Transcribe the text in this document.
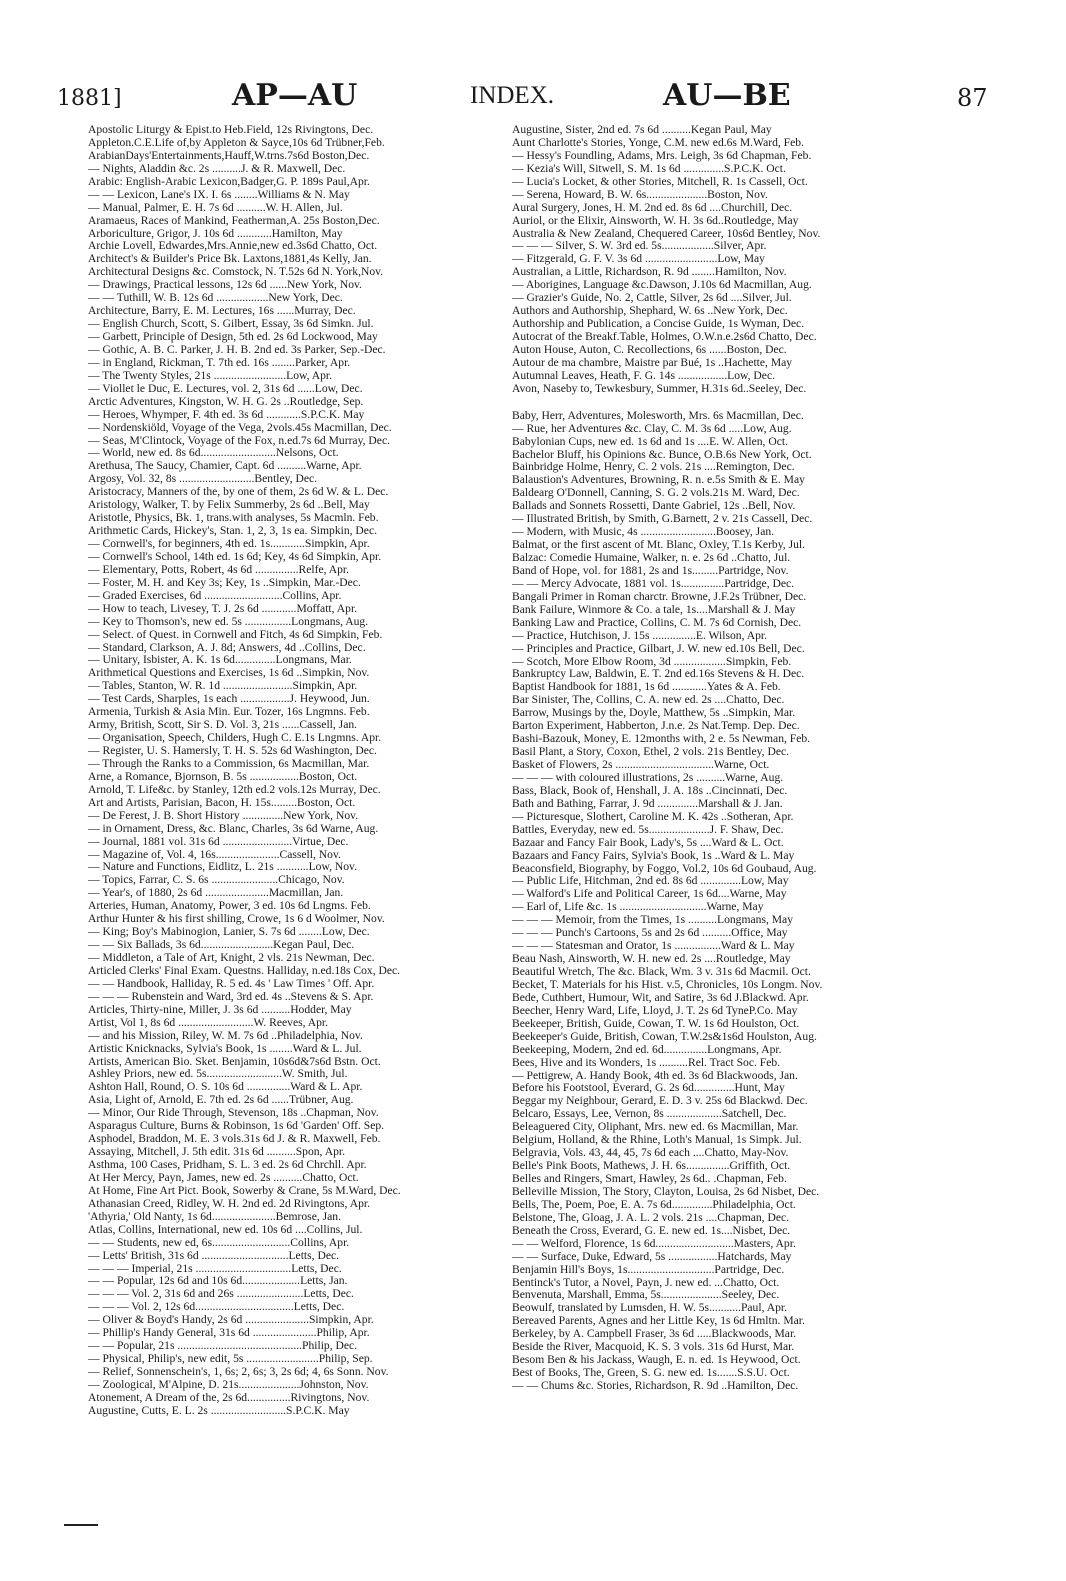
1881]	AP—AU	INDEX.	AU—BE	87
Apostolic Liturgy & Epist.to Heb.Field, 12s Rivingtons, Dec.
Appleton.C.E.Life of,by Appleton & Sayce,10s 6d Trübner,Feb.
ArabianDays'Entertainments,Hauff,W.trns.7s6d Boston,Dec.
— Nights, Aladdin &c. 2s ..........J. & R. Maxwell, Dec.
Arabic: English-Arabic Lexicon,Badger,G. P. 189s Paul,Apr.
— — Lexicon, Lane's IX. I. 6s ........Williams & N. May
— Manual, Palmer, E. H. 7s 6d ..........W. H. Allen, Jul.
Aramaeus, Races of Mankind, Featherman,A. 25s Boston,Dec.
Arboriculture, Grigor, J. 10s 6d ............Hamilton, May
Archie Lovell, Edwardes,Mrs.Annie,new ed.3s6d Chatto, Oct.
Architect's & Builder's Price Bk. Laxtons,1881,4s Kelly, Jan.
Architectural Designs &c. Comstock, N. T.52s 6d N. York,Nov.
— Drawings, Practical lessons, 12s 6d ......New York, Nov.
— — Tuthill, W. B. 12s 6d ..................New York, Dec.
Architecture, Barry, E. M. Lectures, 16s ......Murray, Dec.
— English Church, Scott, S. Gilbert, Essay, 3s 6d Simkn. Jul.
— Garbett, Principle of Design, 5th ed. 2s 6d Lockwood, May
— Gothic, A. B. C. Parker, J. H. B. 2nd ed. 3s Parker, Sep.-Dec.
— in England, Rickman, T. 7th ed. 16s ........Parker, Apr.
— The Twenty Styles, 21s .........................Low, Apr.
— Viollet le Duc, E. Lectures, vol. 2, 31s 6d ......Low, Dec.
Arctic Adventures, Kingston, W. H. G. 2s ..Routledge, Sep.
— Heroes, Whymper, F. 4th ed. 3s 6d ............S.P.C.K. May
— Nordenskiöld, Voyage of the Vega, 2vols.45s Macmillan, Dec.
— Seas, M'Clintock, Voyage of the Fox, n.ed.7s 6d Murray, Dec.
— World, new ed. 8s 6d..........................Nelsons, Oct.
Arethusa, The Saucy, Chamier, Capt. 6d ..........Warne, Apr.
Argosy, Vol. 32, 8s ..........................Bentley, Dec.
Aristocracy, Manners of the, by one of them, 2s 6d W. & L. Dec.
Aristology, Walker, T. by Felix Summerby, 2s 6d ..Bell, May
Aristotle, Physics, Bk. 1, trans.with analyses, 5s Macmln. Feb.
Arithmetic Cards, Hickey's, Stan. 1, 2, 3, 1s ea. Simpkin, Dec.
— Cornwell's, for beginners, 4th ed. 1s............Simpkin, Apr.
— Cornwell's School, 14th ed. 1s 6d; Key, 4s 6d Simpkin, Apr.
— Elementary, Potts, Robert, 4s 6d ...............Relfe, Apr.
— Foster, M. H. and Key 3s; Key, 1s ..Simpkin, Mar.-Dec.
— Graded Exercises, 6d ...........................Collins, Apr.
— How to teach, Livesey, T. J. 2s 6d ............Moffatt, Apr.
— Key to Thomson's, new ed. 5s ................Longmans, Aug.
— Select. of Quest. in Cornwell and Fitch, 4s 6d Simpkin, Feb.
— Standard, Clarkson, A. J. 8d; Answers, 4d ..Collins, Dec.
— Unitary, Isbister, A. K. 1s 6d..............Longmans, Mar.
Arithmetical Questions and Exercises, 1s 6d ..Simpkin, Nov.
— Tables, Stanton, W. R. 1d ........................Simpkin, Apr.
— Test Cards, Sharples, 1s each .................J. Heywood, Jun.
Armenia, Turkish & Asia Min. Eur. Tozer, 16s Lngmns. Feb.
Army, British, Scott, Sir S. D. Vol. 3, 21s ......Cassell, Jan.
— Organisation, Speech, Childers, Hugh C. E.1s Lngmns. Apr.
— Register, U. S. Hamersly, T. H. S. 52s 6d Washington, Dec.
— Through the Ranks to a Commission, 6s Macmillan, Mar.
Arne, a Romance, Bjornson, B. 5s .................Boston, Oct.
Arnold, T. Life&c. by Stanley, 12th ed.2 vols.12s Murray, Dec.
Art and Artists, Parisian, Bacon, H. 15s.........Boston, Oct.
— De Ferest, J. B. Short History ..............New York, Nov.
— in Ornament, Dress, &c. Blanc, Charles, 3s 6d Warne, Aug.
— Journal, 1881 vol. 31s 6d ........................Virtue, Dec.
— Magazine of, Vol. 4, 16s......................Cassell, Nov.
— Nature and Functions, Eidlitz, L. 21s ...........Low, Nov.
— Topics, Farrar, C. S. 6s .......................Chicago, Nov.
— Year's, of 1880, 2s 6d ......................Macmillan, Jan.
Arteries, Human, Anatomy, Power, 3 ed. 10s 6d Lngms. Feb.
Arthur Hunter & his first shilling, Crowe, 1s 6 d Woolmer, Nov.
— King; Boy's Mabinogion, Lanier, S. 7s 6d ........Low, Dec.
— — Six Ballads, 3s 6d.........................Kegan Paul, Dec.
— Middleton, a Tale of Art, Knight, 2 vls. 21s Newman, Dec.
Articled Clerks' Final Exam. Questns. Halliday, n.ed.18s Cox, Dec.
— — Handbook, Halliday, R. 5 ed. 4s ' Law Times ' Off. Apr.
— — — Rubenstein and Ward, 3rd ed. 4s ..Stevens & S. Apr.
Articles, Thirty-nine, Miller, J. 3s 6d ..........Hodder, May
Artist, Vol 1, 8s 6d ..........................W. Reeves, Apr.
— and his Mission, Riley, W. M. 7s 6d ..Philadelphia, Nov.
Artistic Knicknacks, Sylvia's Book, 1s ........Ward & L. Jul.
Artists, American Bio. Sket. Benjamin, 10s6d&7s6d Bstn. Oct.
Ashley Priors, new ed. 5s..........................W. Smith, Jul.
Ashton Hall, Round, O. S. 10s 6d ...............Ward & L. Apr.
Asia, Light of, Arnold, E. 7th ed. 2s 6d ......Trübner, Aug.
— Minor, Our Ride Through, Stevenson, 18s ..Chapman, Nov.
Asparagus Culture, Burns & Robinson, 1s 6d 'Garden' Off. Sep.
Asphodel, Braddon, M. E. 3 vols.31s 6d J. & R. Maxwell, Feb.
Assaying, Mitchell, J. 5th edit. 31s 6d ..........Spon, Apr.
Asthma, 100 Cases, Pridham, S. L. 3 ed. 2s 6d Chrchll. Apr.
At Her Mercy, Payn, James, new ed. 2s ..........Chatto, Oct.
At Home, Fine Art Pict. Book, Sowerby & Crane, 5s M.Ward, Dec.
Athanasian Creed, Ridley, W. H. 2nd ed. 2d Rivingtons, Apr.
'Athyria,' Old Nanty, 1s 6d......................Bemrose, Jan.
Atlas, Collins, International, new ed. 10s 6d ....Collins, Jul.
— — Students, new ed, 6s...........................Collins, Apr.
— Letts' British, 31s 6d ..............................Letts, Dec.
— — — Imperial, 21s .................................Letts, Dec.
— — Popular, 12s 6d and 10s 6d....................Letts, Jan.
— — — Vol. 2, 31s 6d and 26s .......................Letts, Dec.
— — — Vol. 2, 12s 6d..................................Letts, Dec.
— Oliver & Boyd's Handy, 2s 6d ......................Simpkin, Apr.
— Phillip's Handy General, 31s 6d ......................Philip, Apr.
— — Popular, 21s ...........................................Philip, Dec.
— Physical, Philip's, new edit, 5s .........................Philip, Sep.
— Relief, Sonnenschein's, 1, 6s; 2, 6s; 3, 2s 6d; 4, 6s Sonn. Nov.
— Zoological, M'Alpine, D. 21s.....................Johnston, Nov.
Atonement, A Dream of the, 2s 6d...............Rivingtons, Nov.
Augustine, Cutts, E. L. 2s ..........................S.P.C.K. May
Augustine, Sister, 2nd ed. 7s 6d ..........Kegan Paul, May
Aunt Charlotte's Stories, Yonge, C.M. new ed.6s M.Ward, Feb.
— Hessy's Foundling, Adams, Mrs. Leigh, 3s 6d Chapman, Feb.
— Kezia's Will, Sitwell, S. M. 1s 6d ..............S.P.C.K. Oct.
— Lucia's Locket, & other Stories, Mitchell, R. 1s Cassell, Oct.
— Serena, Howard, B. W. 6s.....................Boston, Nov.
Aural Surgery, Jones, H. M. 2nd ed. 8s 6d ....Churchill, Dec.
Auriol, or the Elixir, Ainsworth, W. H. 3s 6d..Routledge, May
Australia & New Zealand, Chequered Career, 10s6d Bentley, Nov.
— — — Silver, S. W. 3rd ed. 5s..................Silver, Apr.
— Fitzgerald, G. F. V. 3s 6d .........................Low, May
Australian, a Little, Richardson, R. 9d ........Hamilton, Nov.
— Aborigines, Language &c.Dawson, J.10s 6d Macmillan, Aug.
— Grazier's Guide, No. 2, Cattle, Silver, 2s 6d ....Silver, Jul.
Authors and Authorship, Shephard, W. 6s ..New York, Dec.
Authorship and Publication, a Concise Guide, 1s Wyman, Dec.
Autocrat of the Breakf.Table, Holmes, O.W.n.e.2s6d Chatto, Dec.
Auton House, Auton, C. Recollections, 6s ......Boston, Dec.
Autour de ma chambre, Maistre par Bué, 1s ..Hachette, May
Autumnal Leaves, Heath, F. G. 14s .................Low, Dec.
Avon, Naseby to, Tewkesbury, Summer, H.31s 6d..Seeley, Dec.
Baby, Herr, Adventures, Molesworth, Mrs. 6s Macmillan, Dec.
— Rue, her Adventures &c. Clay, C. M. 3s 6d .....Low, Aug.
Babylonian Cups, new ed. 1s 6d and 1s ....E. W. Allen, Oct.
Bachelor Bluff, his Opinions &c. Bunce, O.B.6s New York, Oct.
Bainbridge Holme, Henry, C. 2 vols. 21s ....Remington, Dec.
Balaustion's Adventures, Browning, R. n. e.5s Smith & E. May
Baldearg O'Donnell, Canning, S. G. 2 vols.21s M. Ward, Dec.
Ballads and Sonnets Rossetti, Dante Gabriel, 12s ..Bell, Nov.
— Illustrated British, by Smith, G.Barnett, 2 v. 21s Cassell, Dec.
— Modern, with Music, 4s ..........................Boosey, Jan.
Balmat, or the first ascent of Mt. Blanc, Oxley, T.1s Kerby, Jul.
Balzac: Comedie Humaine, Walker, n. e. 2s 6d ..Chatto, Jul.
Band of Hope, vol. for 1881, 2s and 1s.........Partridge, Nov.
— — Mercy Advocate, 1881 vol. 1s...............Partridge, Dec.
Bangali Primer in Roman charctr. Browne, J.F.2s Trübner, Dec.
Bank Failure, Winmore & Co. a tale, 1s....Marshall & J. May
Banking Law and Practice, Collins, C. M. 7s 6d Cornish, Dec.
— Practice, Hutchison, J. 15s ...............E. Wilson, Apr.
— Principles and Practice, Gilbart, J. W. new ed.10s Bell, Dec.
— Scotch, More Elbow Room, 3d ..................Simpkin, Feb.
Bankruptcy Law, Baldwin, E. T. 2nd ed.16s Stevens & H. Dec.
Baptist Handbook for 1881, 1s 6d ............Yates & A. Feb.
Bar Sinister, The, Collins, C. A. new ed. 2s ....Chatto, Dec.
Barrow, Musings by the, Doyle, Matthew, 5s ..Simpkin, Mar.
Barton Experiment, Habberton, J.n.e. 2s Nat.Temp. Dep. Dec.
Bashi-Bazouk, Money, E. 12months with, 2 e. 5s Newman, Feb.
Basil Plant, a Story, Coxon, Ethel, 2 vols. 21s Bentley, Dec.
Basket of Flowers, 2s ..................................Warne, Oct.
— — — with coloured illustrations, 2s ..........Warne, Aug.
Bass, Black, Book of, Henshall, J. A. 18s ..Cincinnati, Dec.
Bath and Bathing, Farrar, J. 9d ..............Marshall & J. Jan.
— Picturesque, Slothert, Caroline M. K. 42s ..Sotheran, Apr.
Battles, Everyday, new ed. 5s.....................J. F. Shaw, Dec.
Bazaar and Fancy Fair Book, Lady's, 5s ....Ward & L. Oct.
Bazaars and Fancy Fairs, Sylvia's Book, 1s ..Ward & L. May
Beaconsfield, Biography, by Foggo, Vol.2, 10s 6d Goubaud, Aug.
— Public Life, Hitchman, 2nd ed. 8s 6d ..............Low, May
— Walford's Life and Political Career, 1s 6d....Warne, May
— Earl of, Life &c. 1s ..............................Warne, May
— — — Memoir, from the Times, 1s ..........Longmans, May
— — — Punch's Cartoons, 5s and 2s 6d ..........Office, May
— — — Statesman and Orator, 1s ................Ward & L. May
Beau Nash, Ainsworth, W. H. new ed. 2s ....Routledge, May
Beautiful Wretch, The &c. Black, Wm. 3 v. 31s 6d Macmil. Oct.
Becket, T. Materials for his Hist. v.5, Chronicles, 10s Longm. Nov.
Bede, Cuthbert, Humour, Wit, and Satire, 3s 6d J.Blackwd. Apr.
Beecher, Henry Ward, Life, Lloyd, J. T. 2s 6d TyneP.Co. May
Beekeeper, British, Guide, Cowan, T. W. 1s 6d Houlston, Oct.
Beekeeper's Guide, British, Cowan, T.W.2s&1s6d Houlston, Aug.
Beekeeping, Modern, 2nd ed. 6d...............Longmans, Apr.
Bees, Hive and its Wonders, 1s ..........Rel. Tract Soc. Feb.
— Pettigrew, A. Handy Book, 4th ed. 3s 6d Blackwoods, Jan.
Before his Footstool, Everard, G. 2s 6d..............Hunt, May
Beggar my Neighbour, Gerard, E. D. 3 v. 25s 6d Blackwd. Dec.
Belcaro, Essays, Lee, Vernon, 8s ...................Satchell, Dec.
Beleaguered City, Oliphant, Mrs. new ed. 6s Macmillan, Mar.
Belgium, Holland, & the Rhine, Loth's Manual, 1s Simpk. Jul.
Belgravia, Vols. 43, 44, 45, 7s 6d each ....Chatto, May-Nov.
Belle's Pink Boots, Mathews, J. H. 6s...............Griffith, Oct.
Belles and Ringers, Smart, Hawley, 2s 6d.. .Chapman, Feb.
Belleville Mission, The Story, Clayton, Louisa, 2s 6d Nisbet, Dec.
Bells, The, Poem, Poe, E. A. 7s 6d..............Philadelphia, Oct.
Belstone, The, Gloag, J. A. L. 2 vols. 21s ....Chapman, Dec.
Beneath the Cross, Everard, G. E. new ed. 1s....Nisbet, Dec.
— — Welford, Florence, 1s 6d...........................Masters, Apr.
— — Surface, Duke, Edward, 5s .................Hatchards, May
Benjamin Hill's Boys, 1s..............................Partridge, Dec.
Bentinck's Tutor, a Novel, Payn, J. new ed. ...Chatto, Oct.
Benvenuta, Marshall, Emma, 5s.....................Seeley, Dec.
Beowulf, translated by Lumsden, H. W. 5s...........Paul, Apr.
Bereaved Parents, Agnes and her Little Key, 1s 6d Hmltn. Mar.
Berkeley, by A. Campbell Fraser, 3s 6d .....Blackwoods, Mar.
Beside the River, Macquoid, K. S. 3 vols. 31s 6d Hurst, Mar.
Besom Ben & his Jackass, Waugh, E. n. ed. 1s Heywood, Oct.
Best of Books, The, Green, S. G. new ed. 1s.......S.S.U. Oct.
— — Chums &c. Stories, Richardson, R. 9d ..Hamilton, Dec.
